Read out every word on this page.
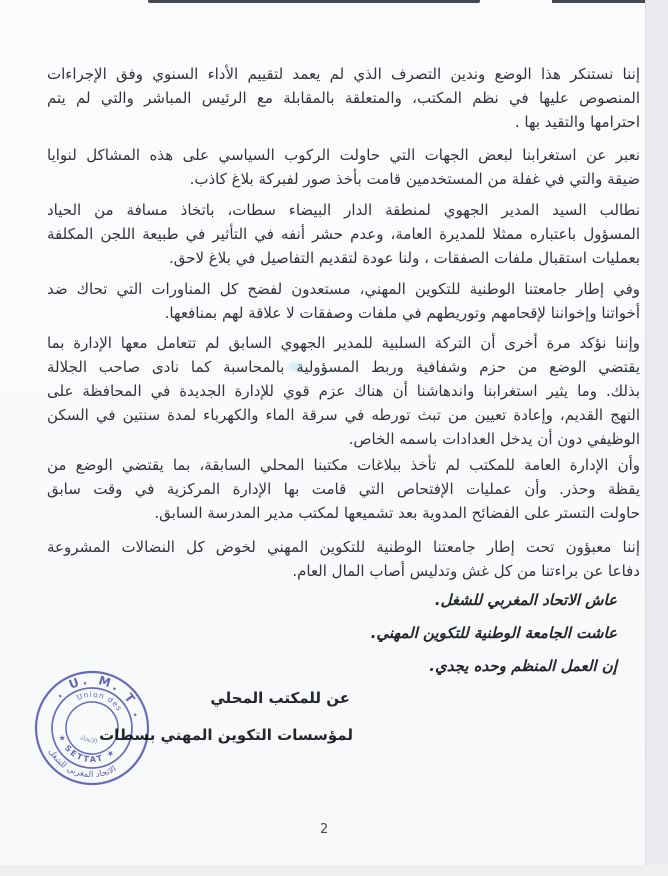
إننا نستنكر هذا الوضع وندين التصرف الذي لم يعمد لتقييم الأداء السنوي وفق الإجراءات
المنصوص عليها في نظم المكتب، والمتعلقة بالمقابلة مع الرئيس المباشر والتي لم يتم
احترامها والتقيد بها .
نعبر عن استغرابنا لبعض الجهات التي حاولت الركوب السياسي على هذه المشاكل لنوايا
ضيقة والتي في غفلة من المستخدمين قامت بأخذ صور لفبركة بلاغ كاذب.
نطالب السيد المدير الجهوي لمنطقة الدار البيضاء سطات، باتخاذ مسافة من الحياد
المسؤول باعتباره ممثلا للمديرة العامة، وعدم حشر أنفه في التأثير في طبيعة اللجن المكلفة
بعمليات استقبال ملفات الصفقات ، ولنا عودة لتقديم التفاصيل في بلاغ لاحق.
وفي إطار جامعتنا الوطنية للتكوين المهني، مستعدون لفضح كل المناورات التي تحاك ضد
أخواتنا وإخواننا لإقحامهم وتوريطهم في ملفات وصفقات لا علاقة لهم بمنافعها.
وإننا نؤكد مرة أخرى أن التركة السلبية للمدير الجهوي السابق لم تتعامل معها الإدارة بما
يقتضي الوضع من حزم وشفافية وربط المسؤولية بالمحاسبة كما نادى صاحب الجلالة
بذلك. وما يثير استغرابنا واندهاشنا أن هناك عزم قوي للإدارة الجديدة في المحافظة على
النهج القديم، وإعادة تعيين من تبث تورطه في سرقة الماء والكهرباء لمدة سنتين في السكن
الوظيفي دون أن يدخل العدادات باسمه الخاص.
وأن الإدارة العامة للمكتب لم تأخذ ببلاغات مكتبنا المحلي السابقة، بما يقتضي الوضع من
يقظة وحذر. وأن عمليات الإفتحاص التي قامت بها الإدارة المركزية في وقت سابق
حاولت التستر على الفضائح المدوية بعد تشميعها لمكتب مدير المدرسة السابق.
إننا معبؤون تحت إطار جامعتنا الوطنية للتكوين المهني لخوض كل النضالات المشروعة
دفاعا عن براءتنا من كل غش وتدليس أصاب المال العام.
عاش الاتحاد المغربي للشغل.
عاشت الجامعة الوطنية للتكوين المهني.
إن العمل المنظم وحده يجدي.
عن للمكتب المحلي
لمؤسسات التكوين المهني بسطات
. U. M. T .
الاتحاد المغربي للشغل
Union des
★ SETTAT ★
الاتحاد
2
